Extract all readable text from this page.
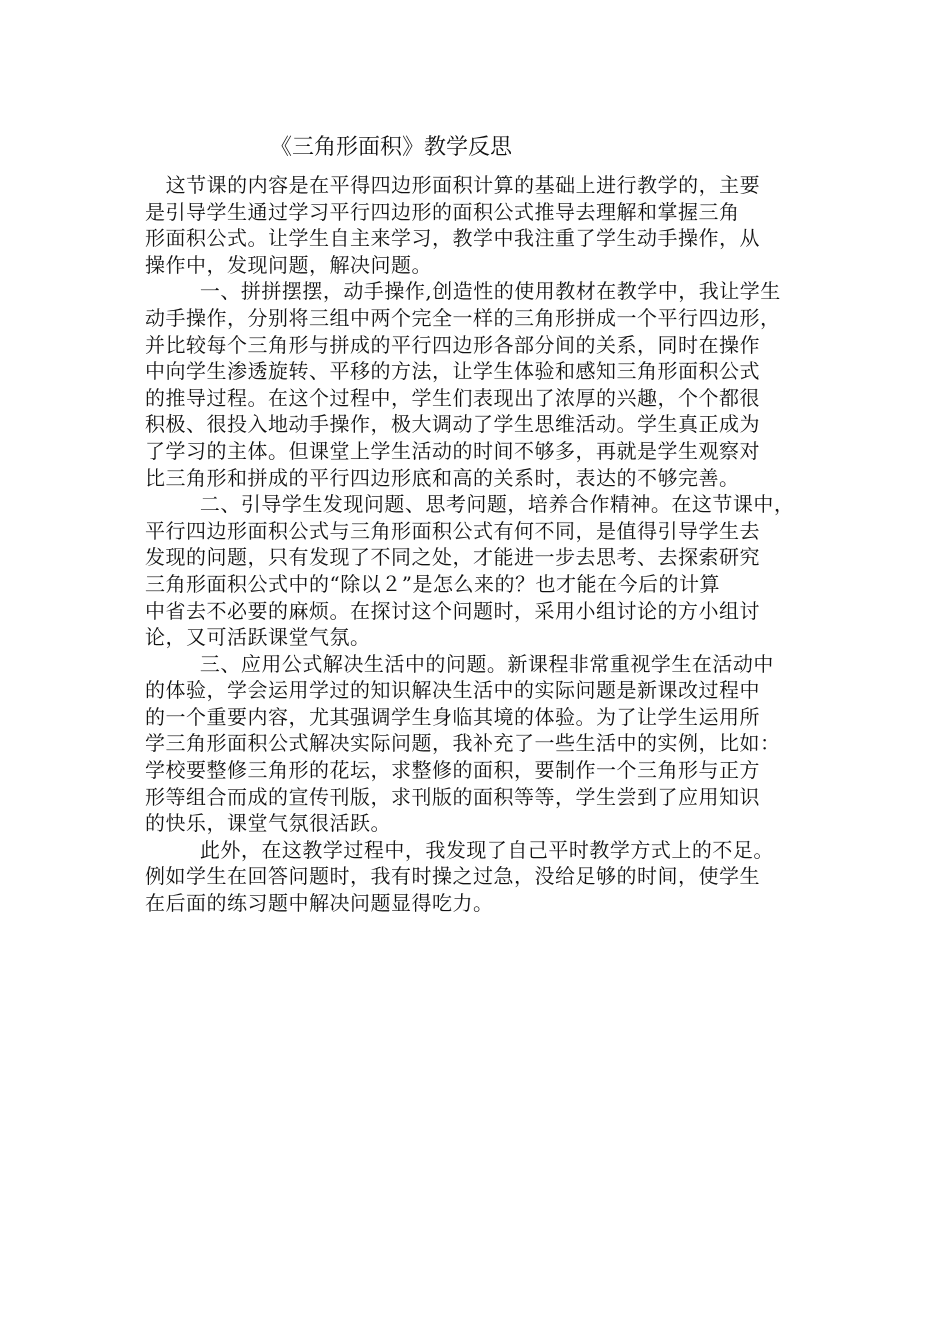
《三角形面积》教学反思
这节课的内容是在平得四边形面积计算的基础上进行教学的，主要
是引导学生通过学习平行四边形的面积公式推导去理解和掌握三角
形面积公式。让学生自主来学习，教学中我注重了学生动手操作，从
操作中，发现问题，解决问题。
一、拼拼摆摆，动手操作,创造性的使用教材在教学中，我让学生
动手操作，分别将三组中两个完全一样的三角形拼成一个平行四边形，
并比较每个三角形与拼成的平行四边形各部分间的关系，同时在操作
中向学生渗透旋转、平移的方法，让学生体验和感知三角形面积公式
的推导过程。在这个过程中，学生们表现出了浓厚的兴趣，个个都很
积极、很投入地动手操作，极大调动了学生思维活动。学生真正成为
了学习的主体。但课堂上学生活动的时间不够多，再就是学生观察对
比三角形和拼成的平行四边形底和高的关系时，表达的不够完善。
二、引导学生发现问题、思考问题，培养合作精神。在这节课中，
平行四边形面积公式与三角形面积公式有何不同，是值得引导学生去
发现的问题，只有发现了不同之处，才能进一步去思考、去探索研究
三角形面积公式中的“除以２”是怎么来的？也才能在今后的计算
中省去不必要的麻烦。在探讨这个问题时，采用小组讨论的方小组讨
论，又可活跃课堂气氛。
三、应用公式解决生活中的问题。新课程非常重视学生在活动中
的体验，学会运用学过的知识解决生活中的实际问题是新课改过程中
的一个重要内容，尤其强调学生身临其境的体验。为了让学生运用所
学三角形面积公式解决实际问题，我补充了一些生活中的实例，比如：
学校要整修三角形的花坛，求整修的面积，要制作一个三角形与正方
形等组合而成的宣传刊版，求刊版的面积等等，学生尝到了应用知识
的快乐，课堂气氛很活跃。
此外，在这教学过程中，我发现了自己平时教学方式上的不足。
例如学生在回答问题时，我有时操之过急，没给足够的时间，使学生
在后面的练习题中解决问题显得吃力。
